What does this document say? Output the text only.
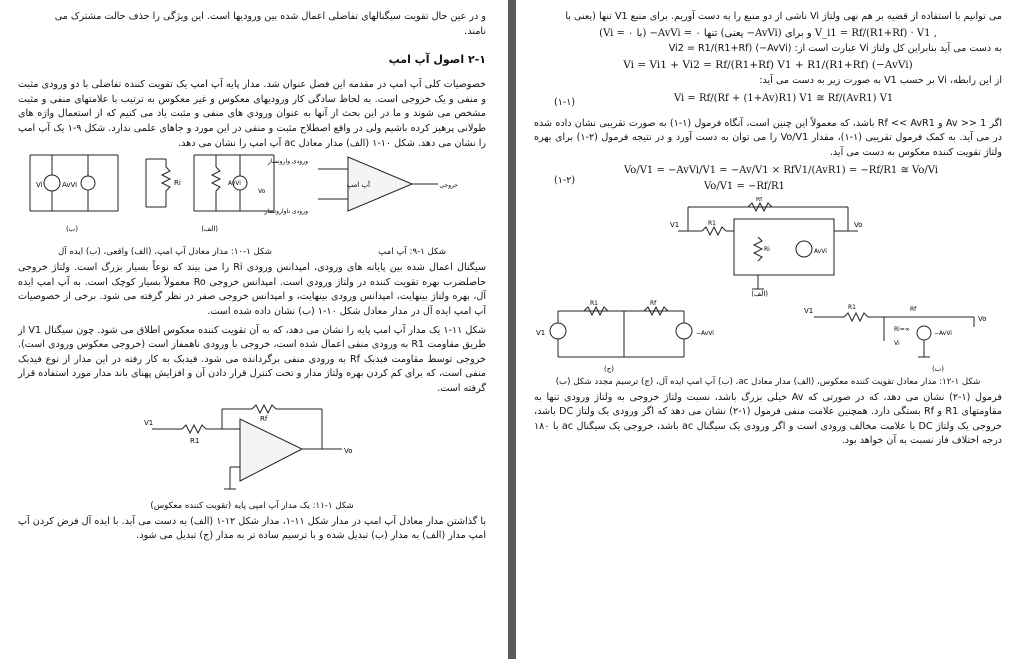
و در عین حال تقویت سیگنالهای تفاضلی اعمال شده بین ورودیها است. این ویژگی را حذف حالت مشترک می

نامند.

۲-۱ اصول آپ امپ

خصوصیات کلی آپ امپ در مقدمه این فصل عنوان شد. مدار پایه آپ امپ یک تقویت کننده تفاضلی با دو ورودی مثبت و منفی و یک خروجی است. به لحاظ سادگی کار ورودیهای معکوس و غیر معکوس به ترتیب با علامتهای منفی و مثبت مشخص می شوند و ما در این بحث از آنها به عنوان ورودی های منفی و مثبت یاد می کنیم که از استعمال واژه های طولانی پرهیز کرده باشیم ولی در واقع اصطلاح مثبت و منفی در این مورد و جاهای علمی ندارد. شکل ۹-۱ یک آپ امپ را نشان می دهد. شکل ۱۰-۱ (الف) مدار معادل ac آپ امپ را نشان می دهد.

Vi	AvVi	Ri	AvVi
Vo
آپ امپ
ورودی وارونساز
ورودی ناوارونساز
خروجی
(ب)	(الف)
شکل ۱-۹: آپ امپ
شکل ۱-۱۰: مدار معادل آپ امپ، (الف) واقعی، (ب) ایده آل

سیگنال اعمال شده بین پایانه های ورودی، امپدانس ورودی Ri را می بیند که نوعاً بسیار بزرگ است. ولتاژ خروجی حاصلضرب بهره تقویت کننده در ولتاژ ورودی است. امپدانس خروجی Ro معمولاً بسیار کوچک است. به آپ امپ ایده آل، بهره ولتاژ بینهایت، امپدانس ورودی بینهایت، و امپدانس خروجی صفر در نظر گرفته می شود. برخی از خصوصیات آپ امپ ایده آل در مدار معادل شکل ۱۰-۱ (ب) نشان داده شده است.

شکل ۱۱-۱ یک مدار آپ امپ پایه را نشان می دهد، که به آن تقویت کننده معکوس اطلاق می شود. چون سیگنال V1 از طریق مقاومت R1 به ورودی منفی اعمال شده است، خروجی با ورودی ناهمفاز است (خروجی معکوس ورودی است). خروجی توسط مقاومت فیدبک Rf به ورودی منفی برگردانده می شود. فیدبک به کار رفته در این مدار از نوع فیدبک منفی است، که برای کم کردن بهره ولتاژ مدار و تحت کنترل قرار دادن آن و افزایش پهنای باند مدار مورد استفاده قرار گرفته است.

V1
R1
Rf
Vo
شکل ۱-۱۱: یک مدار آپ امپی پایه (تقویت کننده معکوس)

با گذاشتن مدار معادل آپ امپ در مدار شکل ۱۱-۱، مدار شکل ۱۲-۱ (الف) به دست می آید. با ایده آل فرض کردن آپ امپ مدار (الف) به مدار (ب) تبدیل شده و با ترسیم ساده تر به مدار (ج) تبدیل می شود.

می توانیم با استفاده از قضیه بر هم نهی ولتاژ Vi ناشی از دو منبع را به دست آوریم. برای منبع V1 تنها (یعنی با

(Vi = ۰ با) −AvVi = ۰ تنها (یعنی −AvVi) و برای V_i1 = Rf/(R1+Rf) · V1 ,

به دست می آید بنابراین کل ولتاژ Vi عبارت است از: Vi2 = R1/(R1+Rf) (−AvVi)

Vi = Vi1 + Vi2 = Rf/(R1+Rf) V1 + R1/(R1+Rf) (−AvVi)

از این رابطه، Vi بر حسب V1 به صورت زیر به دست می آید:

(۱-۱)	Vi = Rf/(Rf + (1+Av)R1) V1 ≅ Rf/(AvR1) V1

اگر 1 << Av و Rf << AvR1 باشد، که معمولاً این چنین است، آنگاه فرمول (۱-۱) به صورت تقریبی نشان داده شده در می آید. به کمک فرمول تقریبی (۱-۱)، مقدار Vo/V1 را می توان به دست آورد و در نتیجه فرمول (۲-۱) برای بهره ولتاژ تقویت کننده معکوس به دست می آید.

(۱-۲)
Vo/V1 = −AvVi/V1 = −Av/V1 × RfV1/(AvR1) = −Rf/R1 ≅ Vo/Vi
Vo/V1 = −Rf/R1
V1	R1
Rf
Ri	AvVi
Vo
(الف)
V1
R1	Rf
−AvVi
(ج)
V1	R1	Rf
Ri=∞
Vi
−AvVi
Vo
(ب)
شکل ۱-۱۲: مدار معادل تقویت کننده معکوس، (الف) مدار معادل ac، (ب) آپ امپ ایده آل، (ج) ترسیم مجدد شکل (ب)

فرمول (۱-۲) نشان می دهد، که در صورتی که Av خیلی بزرگ باشد، نسبت ولتاژ خروجی به ولتاژ ورودی تنها به مقاومتهای R1 و Rf بستگی دارد. همچنین علامت منفی فرمول (۱-۲) نشان می دهد که اگر ورودی یک ولتاژ DC باشد، خروجی یک ولتاژ DC با علامت مخالف ورودی است و اگر ورودی یک سیگنال ac باشد، خروجی یک سیگنال ac با ۱۸۰ درجه اختلاف فاز نسبت به آن خواهد بود.
